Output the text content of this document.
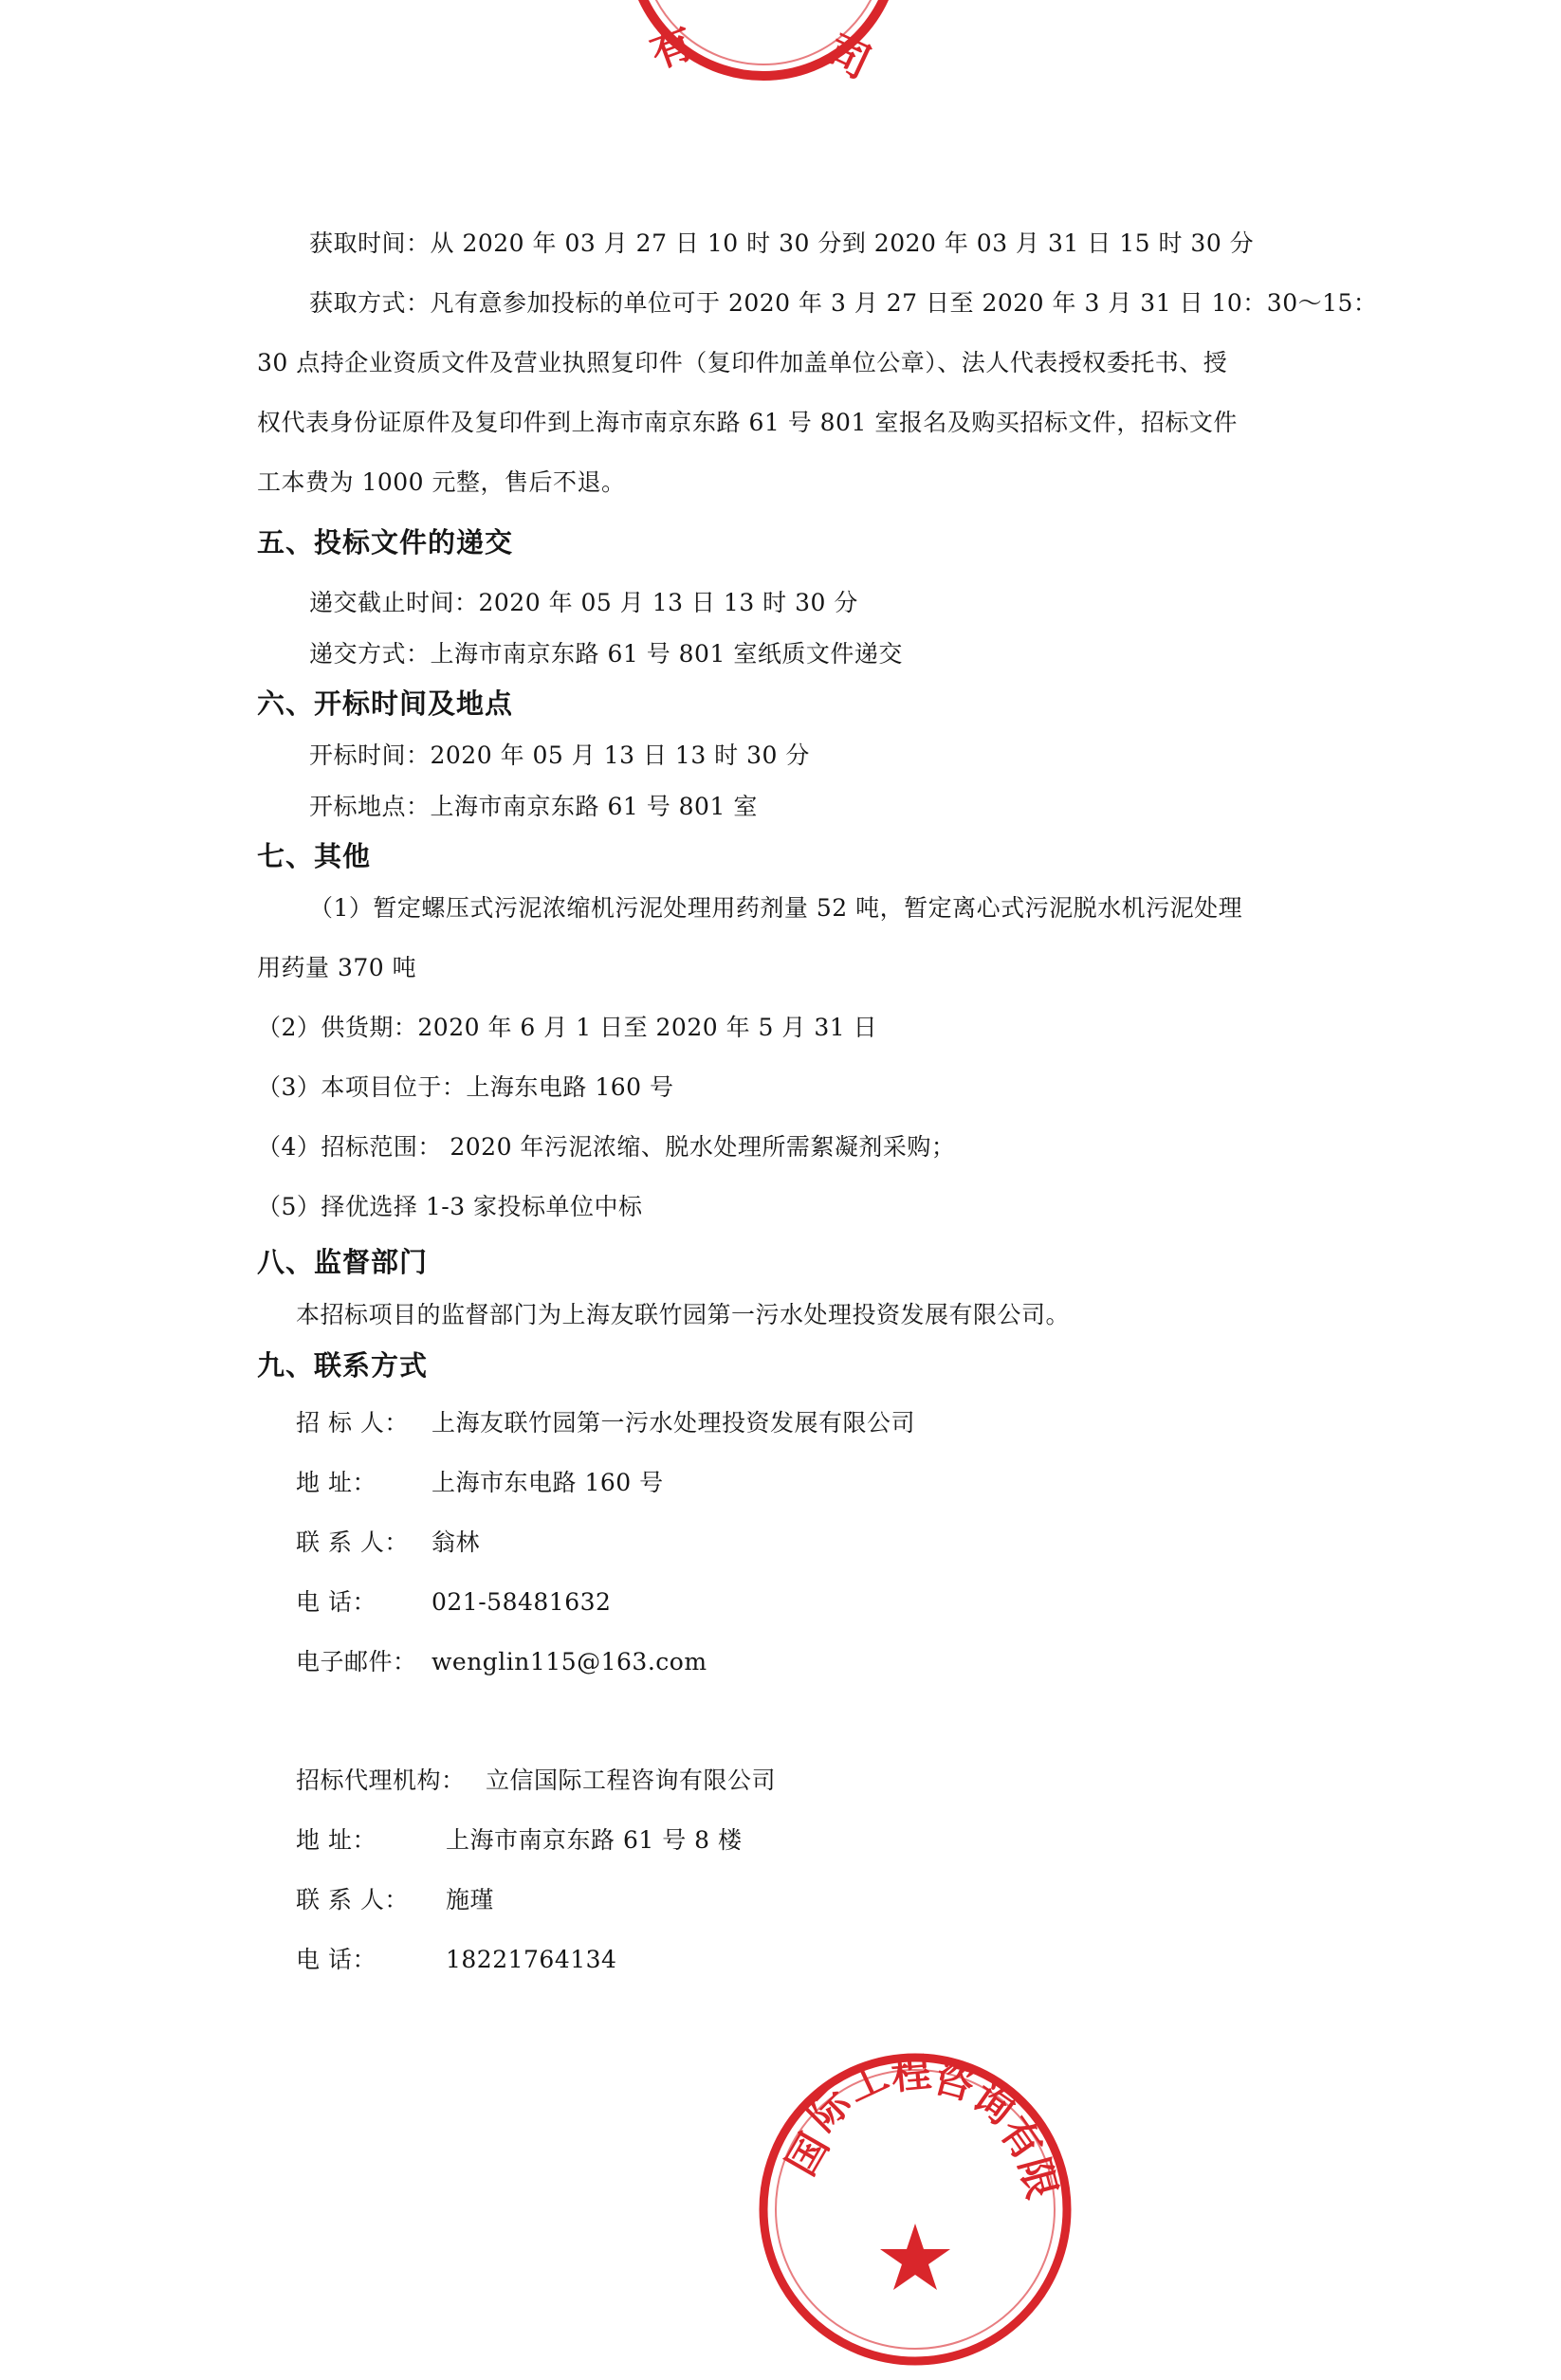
有	司
获取时间：从 2020 年 03 月 27 日 10 时 30 分到 2020 年 03 月 31 日 15 时 30 分
获取方式：凡有意参加投标的单位可于 2020 年 3 月 27 日至 2020 年 3 月 31 日 10：30～15：
30 点持企业资质文件及营业执照复印件（复印件加盖单位公章）、法人代表授权委托书、授
权代表身份证原件及复印件到上海市南京东路 61 号 801 室报名及购买招标文件，招标文件
工本费为 1000 元整，售后不退。
五、投标文件的递交
递交截止时间：2020 年 05 月 13 日 13 时 30 分
递交方式：上海市南京东路 61 号 801 室纸质文件递交
六、开标时间及地点
开标时间：2020 年 05 月 13 日 13 时 30 分
开标地点：上海市南京东路 61 号 801 室
七、其他
（1）暂定螺压式污泥浓缩机污泥处理用药剂量 52 吨，暂定离心式污泥脱水机污泥处理
用药量 370 吨
（2）供货期：2020 年 6 月 1 日至 2020 年 5 月 31 日
（3）本项目位于：上海东电路 160 号
（4）招标范围： 2020 年污泥浓缩、脱水处理所需絮凝剂采购；
（5）择优选择 1-3 家投标单位中标
八、监督部门
本招标项目的监督部门为上海友联竹园第一污水处理投资发展有限公司。
九、联系方式
招 标 人： 上海友联竹园第一污水处理投资发展有限公司
地 址： 上海市东电路 160 号
联 系 人： 翁林
电 话： 021-58481632
电子邮件： wenglin115@163.com
招标代理机构： 立信国际工程咨询有限公司
地 址：	上海市南京东路 61 号 8 楼
联 系 人： 施瑾
电 话：	18221764134
国
际
工
程
咨
询
有
限
